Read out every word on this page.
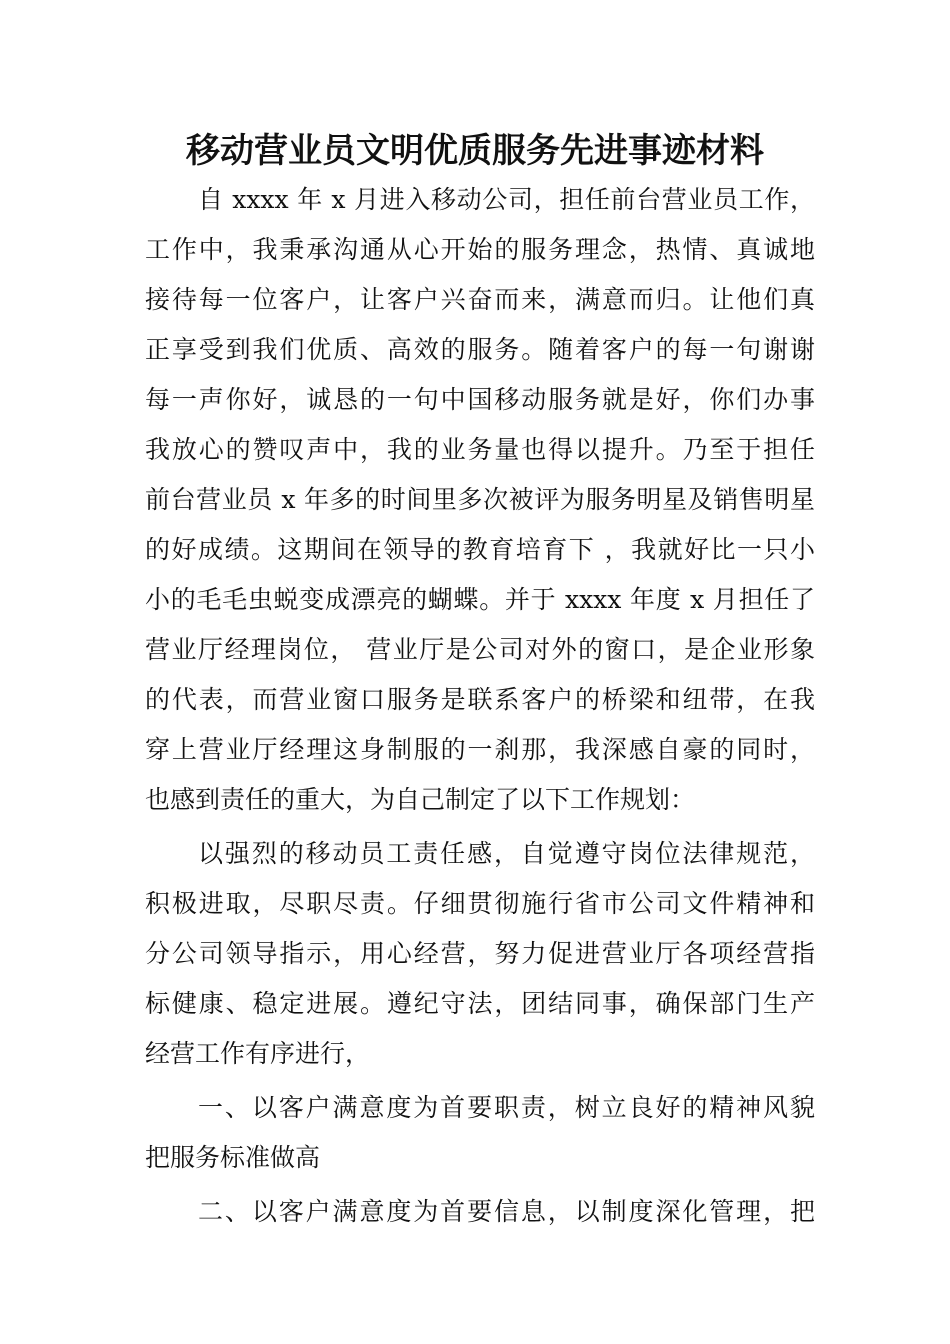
移动营业员文明优质服务先进事迹材料
自 xxxx 年 x 月进入移动公司，担任前台营业员工作，
工作中，我秉承沟通从心开始的服务理念，热情、真诚地
接待每一位客户，让客户兴奋而来，满意而归。让他们真
正享受到我们优质、高效的服务。随着客户的每一句谢谢
每一声你好，诚恳的一句中国移动服务就是好，你们办事
我放心的赞叹声中，我的业务量也得以提升。乃至于担任
前台营业员 x 年多的时间里多次被评为服务明星及销售明星
的好成绩。这期间在领导的教育培育下 ，我就好比一只小
小的毛毛虫蜕变成漂亮的蝴蝶。并于 xxxx 年度 x 月担任了
营业厅经理岗位， 营业厅是公司对外的窗口，是企业形象
的代表，而营业窗口服务是联系客户的桥梁和纽带，在我
穿上营业厅经理这身制服的一刹那，我深感自豪的同时，
也感到责任的重大，为自己制定了以下工作规划：
以强烈的移动员工责任感，自觉遵守岗位法律规范，
积极进取，尽职尽责。仔细贯彻施行省市公司文件精神和
分公司领导指示，用心经营，努力促进营业厅各项经营指
标健康、稳定进展。遵纪守法，团结同事，确保部门生产
经营工作有序进行，
一、以客户满意度为首要职责，树立良好的精神风貌
把服务标准做高
二、以客户满意度为首要信息，以制度深化管理，把
